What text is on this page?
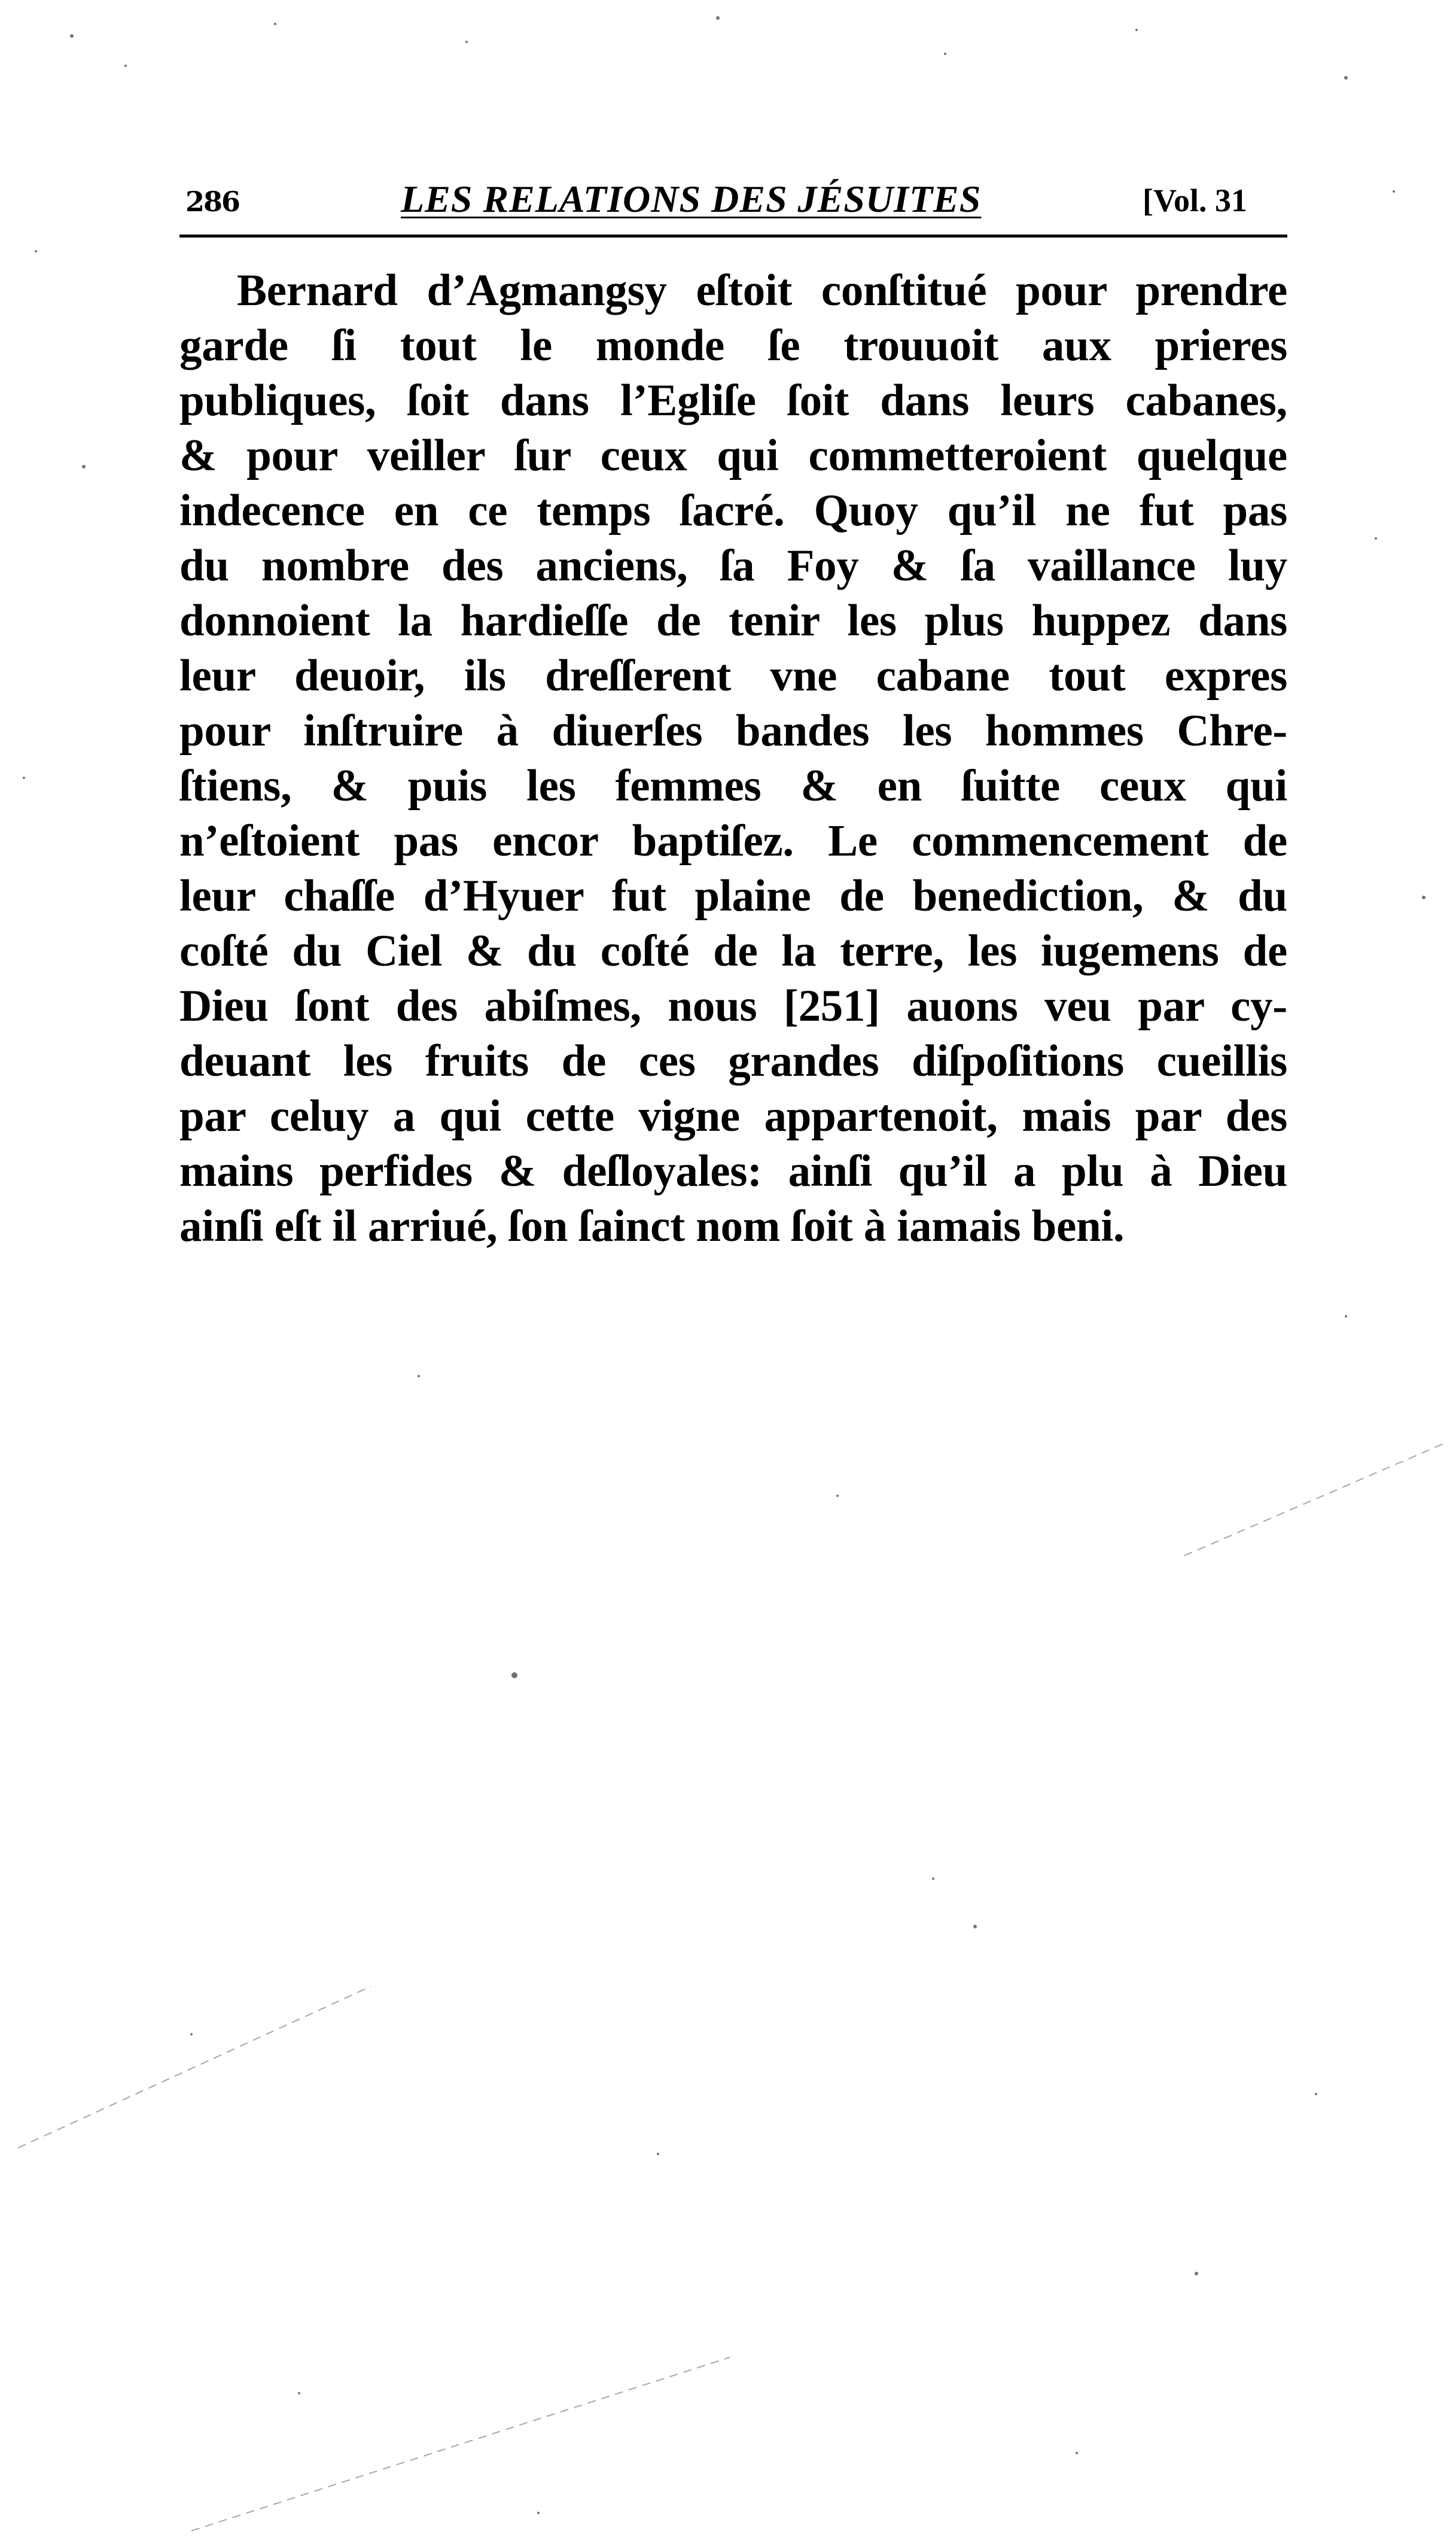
286	LES RELATIONS DES JÉSUITES	[Vol. 31
Bernard d’Agmangsy eſtoit conſtitué pour prendre
garde ſi tout le monde ſe trouuoit aux prieres
publiques, ſoit dans l’Egliſe ſoit dans leurs cabanes,
& pour veiller ſur ceux qui commetteroient quelque
indecence en ce temps ſacré. Quoy qu’il ne fut pas
du nombre des anciens, ſa Foy & ſa vaillance luy
donnoient la hardieſſe de tenir les plus huppez dans
leur deuoir, ils dreſſerent vne cabane tout expres
pour inſtruire à diuerſes bandes les hommes Chre-
ſtiens, & puis les femmes & en ſuitte ceux qui
n’eſtoient pas encor baptiſez. Le commencement de
leur chaſſe d’Hyuer fut plaine de benediction, & du
coſté du Ciel & du coſté de la terre, les iugemens de
Dieu ſont des abiſmes, nous [251] auons veu par cy-
deuant les fruits de ces grandes diſpoſitions cueillis
par celuy a qui cette vigne appartenoit, mais par des
mains perfides & deſloyales: ainſi qu’il a plu à Dieu
ainſi eſt il arriué, ſon ſainct nom ſoit à iamais beni.
